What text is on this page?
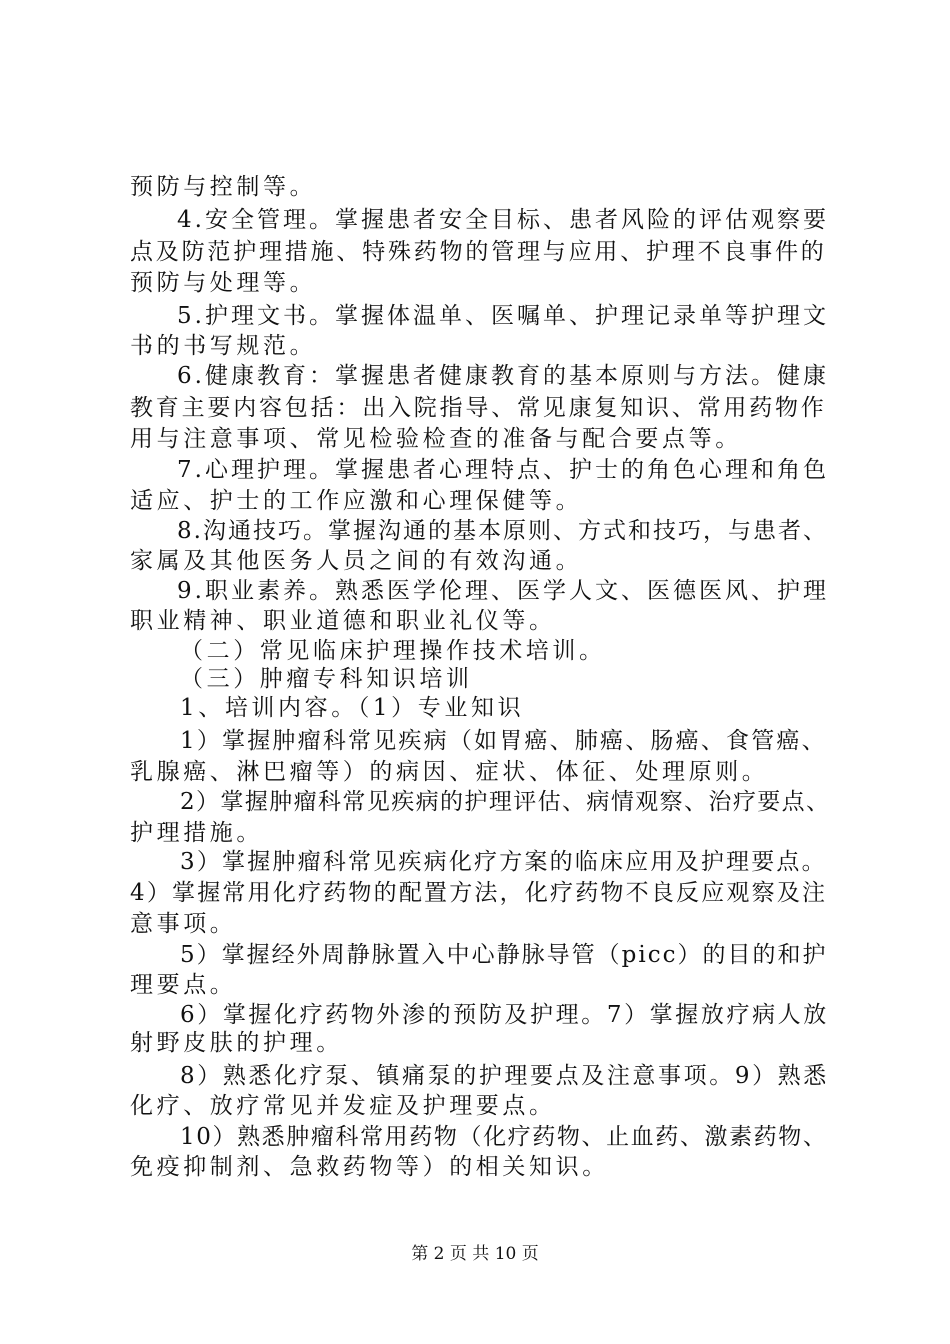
预防与控制等。
4.安全管理。掌握患者安全目标、患者风险的评估观察要
点及防范护理措施、特殊药物的管理与应用、护理不良事件的
预防与处理等。
5.护理文书。掌握体温单、医嘱单、护理记录单等护理文
书的书写规范。
6.健康教育：掌握患者健康教育的基本原则与方法。健康
教育主要内容包括：出入院指导、常见康复知识、常用药物作
用与注意事项、常见检验检查的准备与配合要点等。
7.心理护理。掌握患者心理特点、护士的角色心理和角色
适应、护士的工作应激和心理保健等。
8.沟通技巧。掌握沟通的基本原则、方式和技巧，与患者、
家属及其他医务人员之间的有效沟通。
9.职业素养。熟悉医学伦理、医学人文、医德医风、护理
职业精神、职业道德和职业礼仪等。
（二）常见临床护理操作技术培训。
（三）肿瘤专科知识培训
1、培训内容。（1）专业知识
1）掌握肿瘤科常见疾病（如胃癌、肺癌、肠癌、食管癌、
乳腺癌、淋巴瘤等）的病因、症状、体征、处理原则。
2）掌握肿瘤科常见疾病的护理评估、病情观察、治疗要点、
护理措施。
3）掌握肿瘤科常见疾病化疗方案的临床应用及护理要点。
4）掌握常用化疗药物的配置方法，化疗药物不良反应观察及注
意事项。
5）掌握经外周静脉置入中心静脉导管（picc）的目的和护
理要点。
6）掌握化疗药物外渗的预防及护理。7）掌握放疗病人放
射野皮肤的护理。
8）熟悉化疗泵、镇痛泵的护理要点及注意事项。9）熟悉
化疗、放疗常见并发症及护理要点。
10）熟悉肿瘤科常用药物（化疗药物、止血药、激素药物、
免疫抑制剂、急救药物等）的相关知识。
第 2 页 共 10 页
